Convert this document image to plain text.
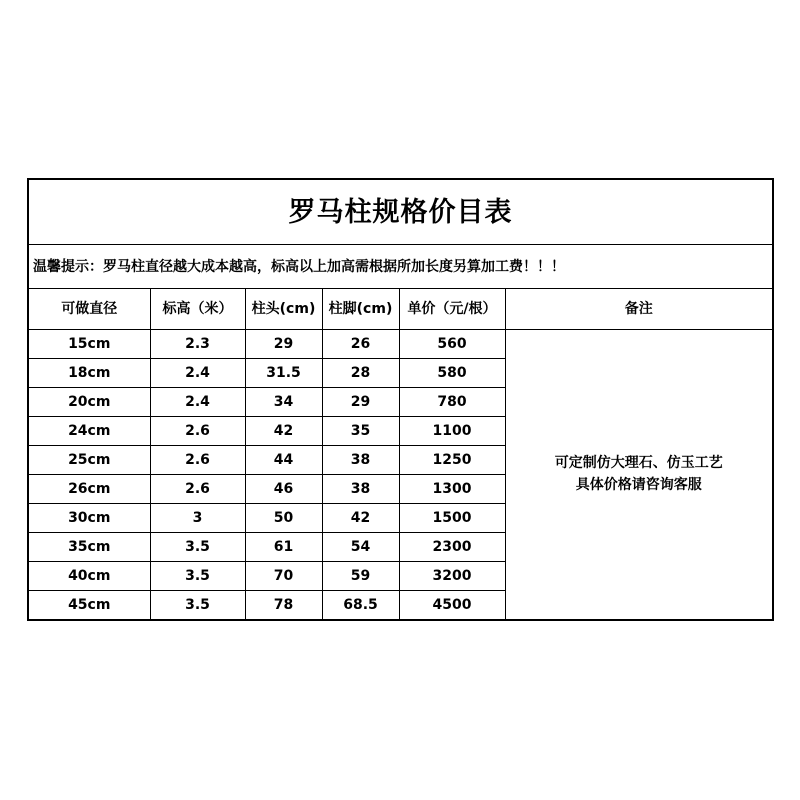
罗马柱规格价目表					
温馨提示：罗马柱直径越大成本越高，标高以上加高需根据所加长度另算加工费！！！					
可做直径	标高（米）	柱头(cm)	柱脚(cm)	单价（元/根）	备注
15cm	2.3	29	26	560	可定制仿大理石、仿玉工艺
具体价格请咨询客服

18cm	2.4	31.5	28	580	
20cm	2.4	34	29	780	
24cm	2.6	42	35	1100	
25cm	2.6	44	38	1250	
26cm	2.6	46	38	1300	
30cm	3	50	42	1500	
35cm	3.5	61	54	2300	
40cm	3.5	70	59	3200	
45cm	3.5	78	68.5	4500	
